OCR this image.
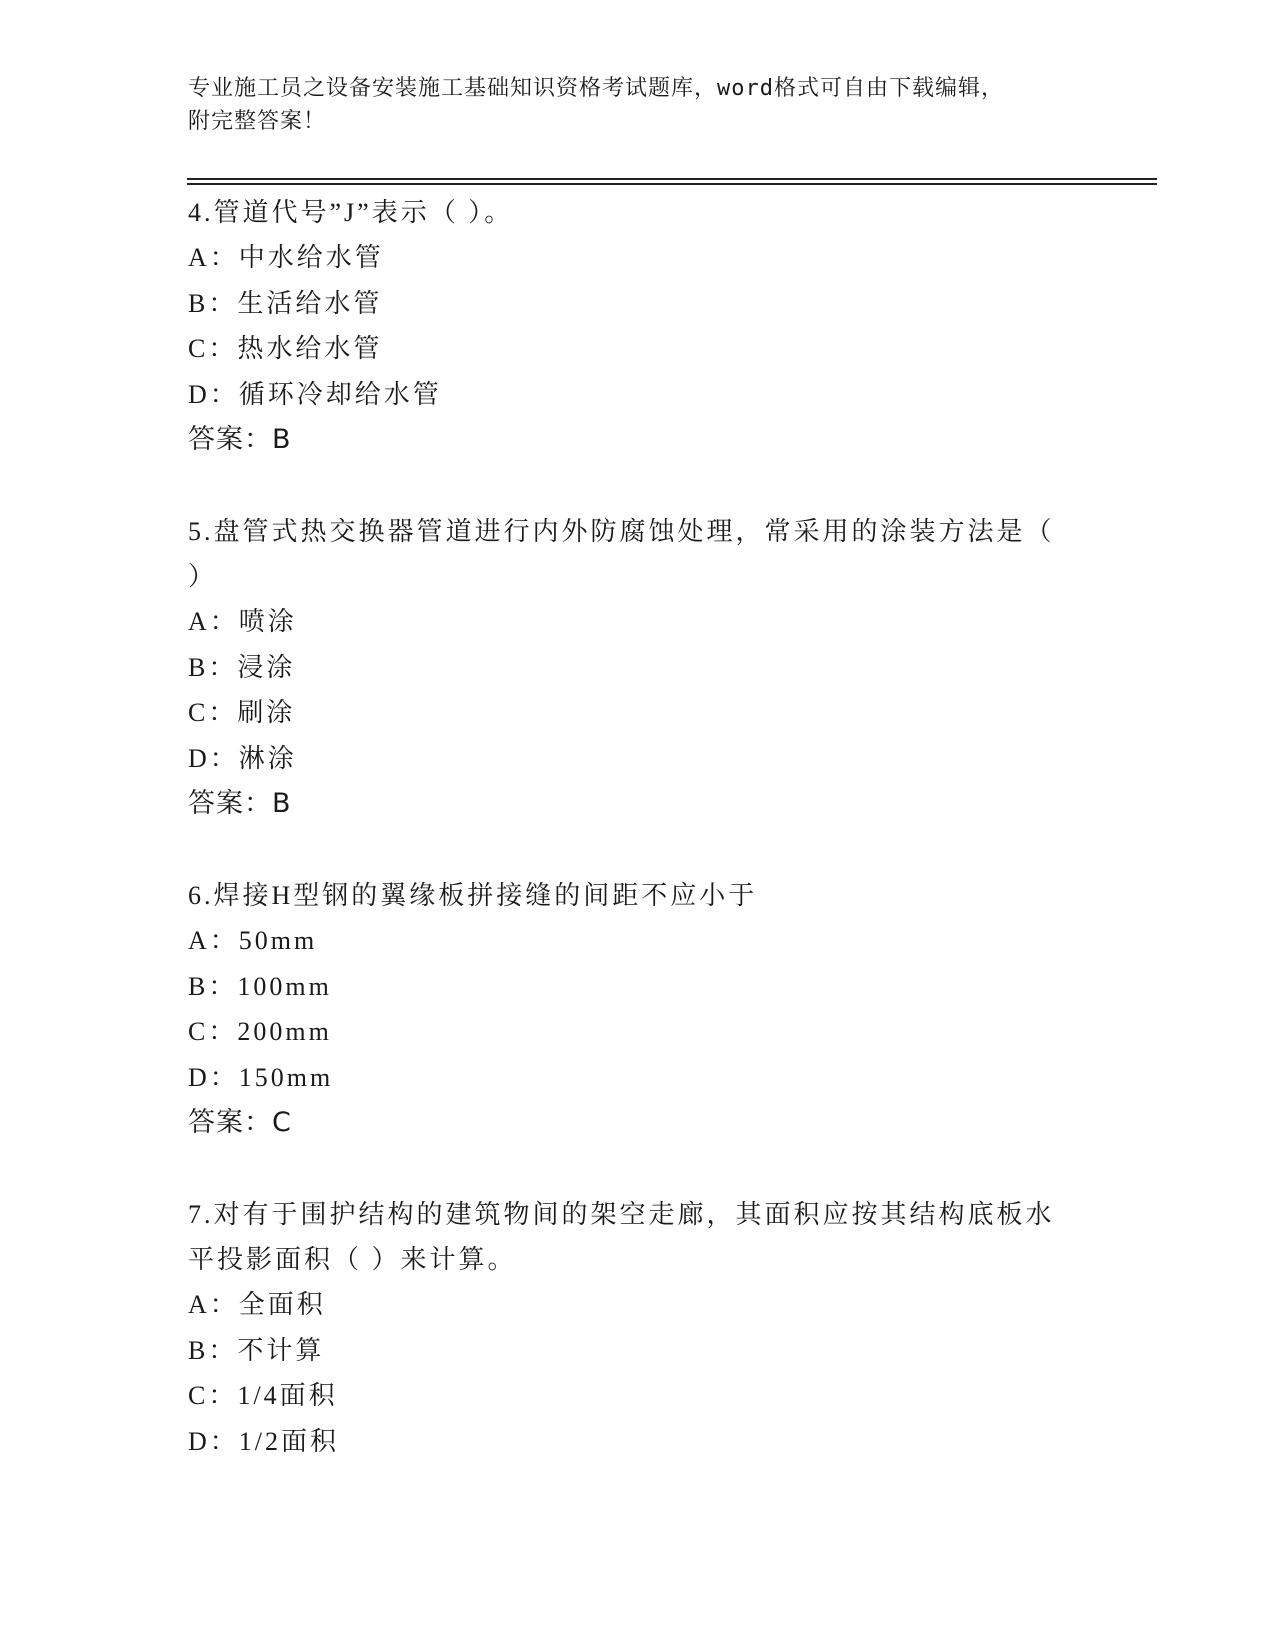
专业施工员之设备安装施工基础知识资格考试题库，word格式可自由下载编辑，
附完整答案！

4.管道代号”J”表示（ ）。

A：中水给水管

B：生活给水管

C：热水给水管

D：循环冷却给水管

答案：B

5.盘管式热交换器管道进行内外防腐蚀处理，常采用的涂装方法是（

）

A：喷涂

B：浸涂

C：刷涂

D：淋涂

答案：B

6.焊接H型钢的翼缘板拼接缝的间距不应小于

A：50mm

B：100mm

C：200mm

D：150mm

答案：C

7.对有于围护结构的建筑物间的架空走廊，其面积应按其结构底板水

平投影面积（ ）来计算。

A：全面积

B：不计算

C：1/4面积

D：1/2面积
